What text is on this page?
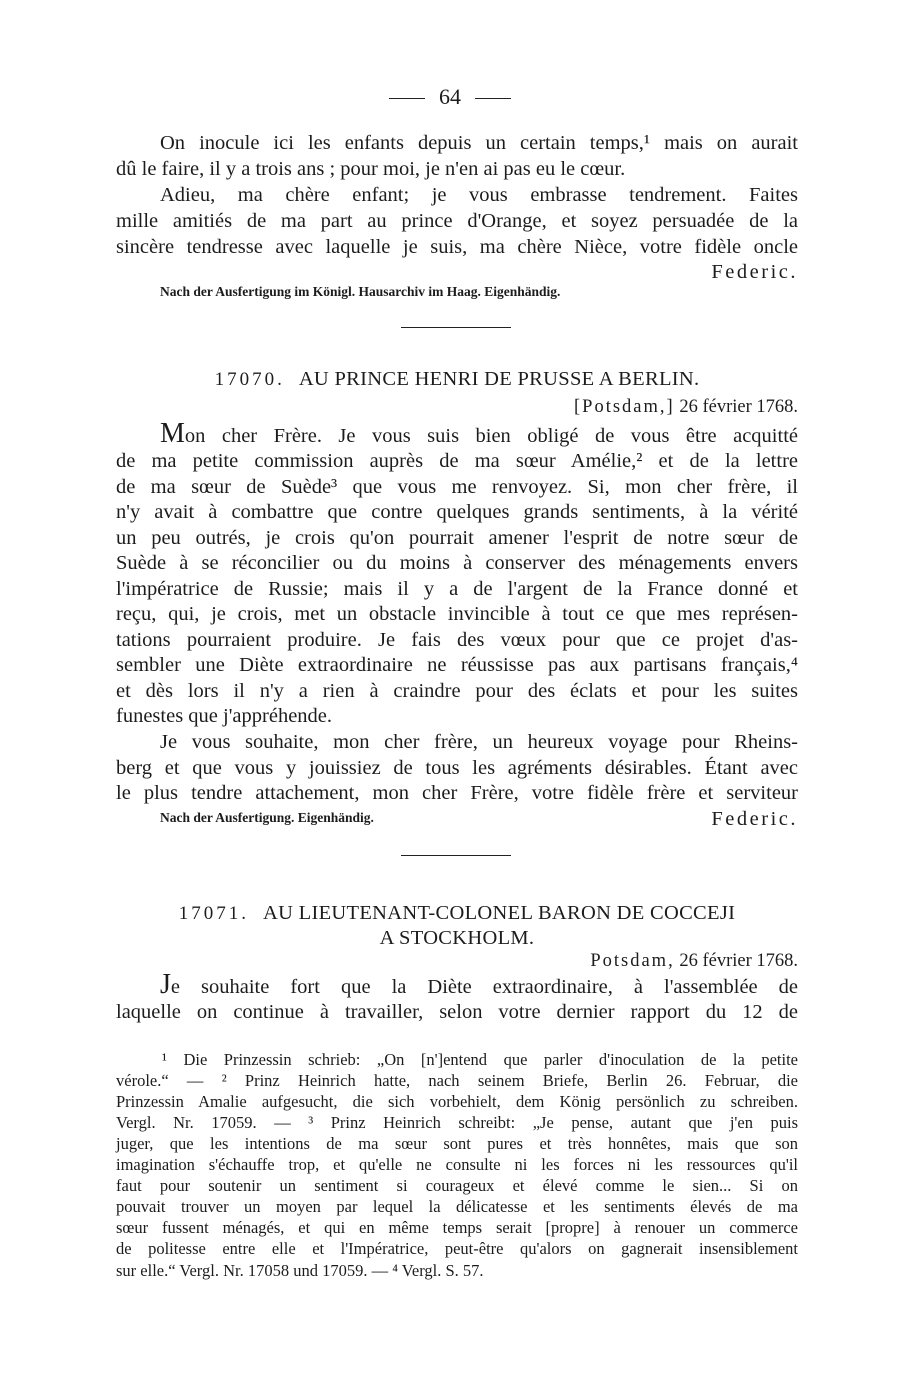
64
On inocule ici les enfants depuis un certain temps,¹ mais on aurait
dû le faire, il y a trois ans ; pour moi, je n'en ai pas eu le cœur.
Adieu, ma chère enfant; je vous embrasse tendrement. Faites
mille amitiés de ma part au prince d'Orange, et soyez persuadée de la
sincère tendresse avec laquelle je suis, ma chère Nièce, votre fidèle oncle
Federic.
Nach der Ausfertigung im Königl. Hausarchiv im Haag. Eigenhändig.
17070. AU PRINCE HENRI DE PRUSSE A BERLIN.
[Potsdam,] 26 février 1768.
Mon cher Frère. Je vous suis bien obligé de vous être acquitté
de ma petite commission auprès de ma sœur Amélie,² et de la lettre
de ma sœur de Suède³ que vous me renvoyez. Si, mon cher frère, il
n'y avait à combattre que contre quelques grands sentiments, à la vérité
un peu outrés, je crois qu'on pourrait amener l'esprit de notre sœur de
Suède à se réconcilier ou du moins à conserver des ménagements envers
l'impératrice de Russie; mais il y a de l'argent de la France donné et
reçu, qui, je crois, met un obstacle invincible à tout ce que mes représen-
tations pourraient produire. Je fais des vœux pour que ce projet d'as-
sembler une Diète extraordinaire ne réussisse pas aux partisans français,⁴
et dès lors il n'y a rien à craindre pour des éclats et pour les suites
funestes que j'appréhende.
Je vous souhaite, mon cher frère, un heureux voyage pour Rheins-
berg et que vous y jouissiez de tous les agréments désirables. Étant avec
le plus tendre attachement, mon cher Frère, votre fidèle frère et serviteur
Nach der Ausfertigung. Eigenhändig.	Federic.
17071. AU LIEUTENANT-COLONEL BARON DE COCCEJI
A STOCKHOLM.
Potsdam, 26 février 1768.
Je souhaite fort que la Diète extraordinaire, à l'assemblée de
laquelle on continue à travailler, selon votre dernier rapport du 12 de
¹ Die Prinzessin schrieb: „On [n']entend que parler d'inoculation de la petite
vérole.“ — ² Prinz Heinrich hatte, nach seinem Briefe, Berlin 26. Februar, die
Prinzessin Amalie aufgesucht, die sich vorbehielt, dem König persönlich zu schreiben.
Vergl. Nr. 17059. — ³ Prinz Heinrich schreibt: „Je pense, autant que j'en puis
juger, que les intentions de ma sœur sont pures et très honnêtes, mais que son
imagination s'échauffe trop, et qu'elle ne consulte ni les forces ni les ressources qu'il
faut pour soutenir un sentiment si courageux et élevé comme le sien... Si on
pouvait trouver un moyen par lequel la délicatesse et les sentiments élevés de ma
sœur fussent ménagés, et qui en même temps serait [propre] à renouer un commerce
de politesse entre elle et l'Impératrice, peut-être qu'alors on gagnerait insensiblement
sur elle.“ Vergl. Nr. 17058 und 17059. — ⁴ Vergl. S. 57.
